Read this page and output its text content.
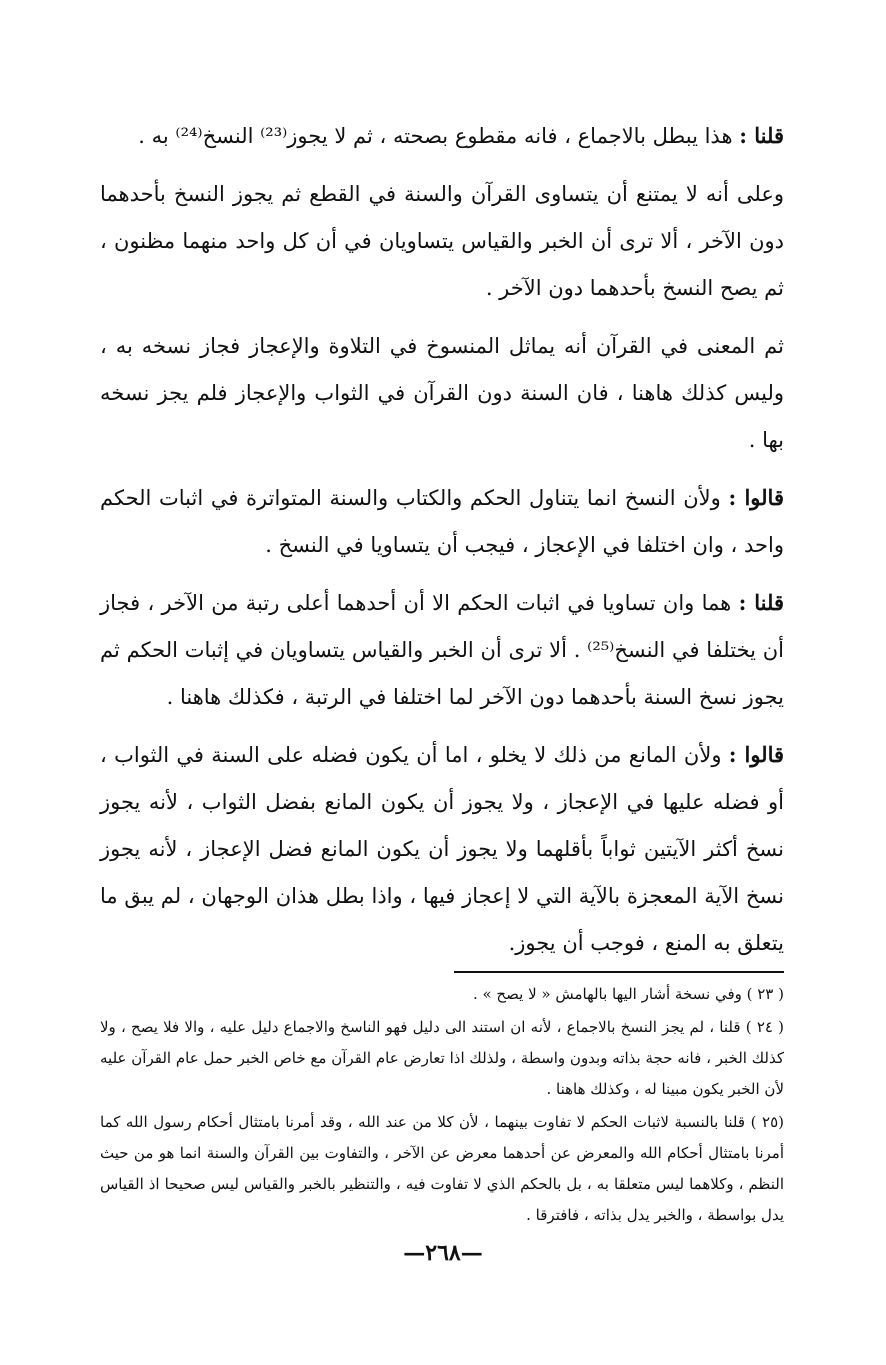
قلنا : هذا يبطل بالاجماع ، فانه مقطوع بصحته ، ثم لا يجوز⁽²³⁾ النسخ⁽²⁴⁾ به .

وعلى أنه لا يمتنع أن يتساوى القرآن والسنة في القطع ثم يجوز النسخ بأحدهما دون الآخر ، ألا ترى أن الخبر والقياس يتساويان في أن كل واحد منهما مظنون ، ثم يصح النسخ بأحدهما دون الآخر .

ثم المعنى في القرآن أنه يماثل المنسوخ في التلاوة والإعجاز فجاز نسخه به ، وليس كذلك هاهنا ، فان السنة دون القرآن في الثواب والإعجاز فلم يجز نسخه بها .

قالوا : ولأن النسخ انما يتناول الحكم والكتاب والسنة المتواترة في اثبات الحكم واحد ، وان اختلفا في الإعجاز ، فيجب أن يتساويا في النسخ .

قلنا : هما وان تساويا في اثبات الحكم الا أن أحدهما أعلى رتبة من الآخر ، فجاز أن يختلفا في النسخ⁽²⁵⁾ . ألا ترى أن الخبر والقياس يتساويان في إثبات الحكم ثم يجوز نسخ السنة بأحدهما دون الآخر لما اختلفا في الرتبة ، فكذلك هاهنا .

قالوا : ولأن المانع من ذلك لا يخلو ، اما أن يكون فضله على السنة في الثواب ، أو فضله عليها في الإعجاز ، ولا يجوز أن يكون المانع بفضل الثواب ، لأنه يجوز نسخ أكثر الآيتين ثواباً بأقلهما ولا يجوز أن يكون المانع فضل الإعجاز ، لأنه يجوز نسخ الآية المعجزة بالآية التي لا إعجاز فيها ، واذا بطل هذان الوجهان ، لم يبق ما يتعلق به المنع ، فوجب أن يجوز.

( ٢٣ ) وفي نسخة أشار اليها بالهامش « لا يصح » .

( ٢٤ ) قلنا ، لم يجز النسخ بالاجماع ، لأنه ان استند الى دليل فهو الناسخ والاجماع دليل عليه ، والا فلا يصح ، ولا كذلك الخبر ، فانه حجة بذاته وبدون واسطة ، ولذلك اذا تعارض عام القرآن مع خاص الخبر حمل عام القرآن عليه لأن الخبر يكون مبينا له ، وكذلك هاهنا .

(٢٥ ) قلنا بالنسبة لاثبات الحكم لا تفاوت بينهما ، لأن كلا من عند الله ، وقد أمرنا بامتثال أحكام رسول الله كما أمرنا بامتثال أحكام الله والمعرض عن أحدهما معرض عن الآخر ، والتفاوت بين القرآن والسنة انما هو من حيث النظم ، وكلاهما ليس متعلقا به ، بل بالحكم الذي لا تفاوت فيه ، والتنظير بالخبر والقياس ليس صحيحا اذ القياس يدل بواسطة ، والخبر يدل بذاته ، فافترقا .

—٢٦٨—
